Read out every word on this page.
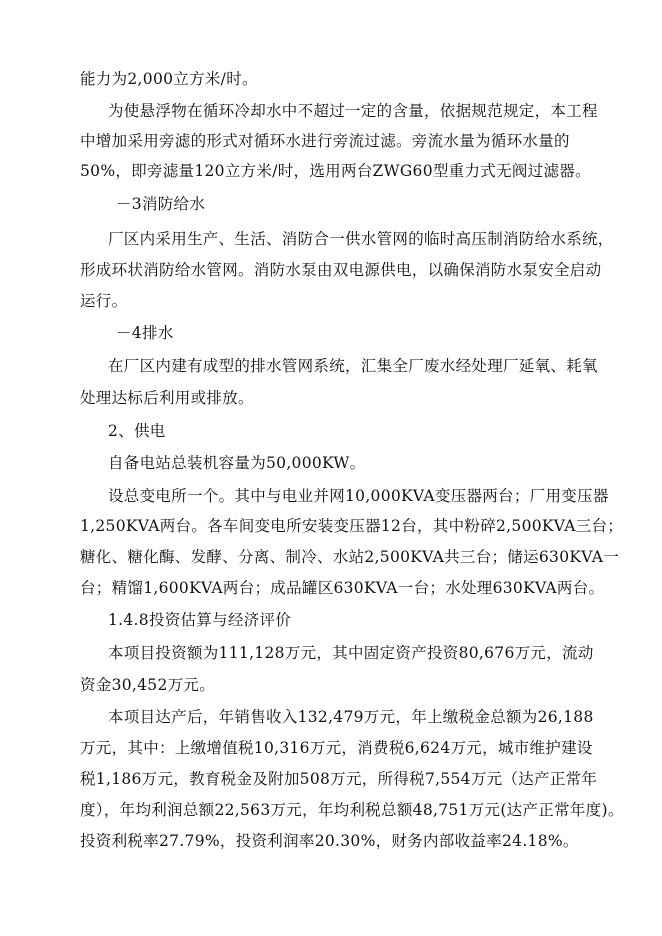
能力为2,000立方米/时。
为使悬浮物在循环冷却水中不超过一定的含量，依据规范规定，本工程
中增加采用旁滤的形式对循环水进行旁流过滤。旁流水量为循环水量的
50%，即旁滤量120立方米/时，选用两台ZWG60型重力式无阀过滤器。
－3消防给水
厂区内采用生产、生活、消防合一供水管网的临时高压制消防给水系统，
形成环状消防给水管网。消防水泵由双电源供电，以确保消防水泵安全启动
运行。
－4排水
在厂区内建有成型的排水管网系统，汇集全厂废水经处理厂延氧、耗氧
处理达标后利用或排放。
2、供电
自备电站总装机容量为50,000KW。
设总变电所一个。其中与电业并网10,000KVA变压器两台；厂用变压器
1,250KVA两台。各车间变电所安装变压器12台，其中粉碎2,500KVA三台；
糖化、糖化酶、发酵、分离、制冷、水站2,500KVA共三台；储运630KVA一
台；精馏1,600KVA两台；成品罐区630KVA一台；水处理630KVA两台。
1.4.8投资估算与经济评价
本项目投资额为111,128万元，其中固定资产投资80,676万元，流动
资金30,452万元。
本项目达产后，年销售收入132,479万元，年上缴税金总额为26,188
万元，其中：上缴增值税10,316万元，消费税6,624万元，城市维护建设
税1,186万元，教育税金及附加508万元，所得税7,554万元（达产正常年
度），年均利润总额22,563万元，年均利税总额48,751万元(达产正常年度)。
投资利税率27.79%，投资利润率20.30%，财务内部收益率24.18%。
